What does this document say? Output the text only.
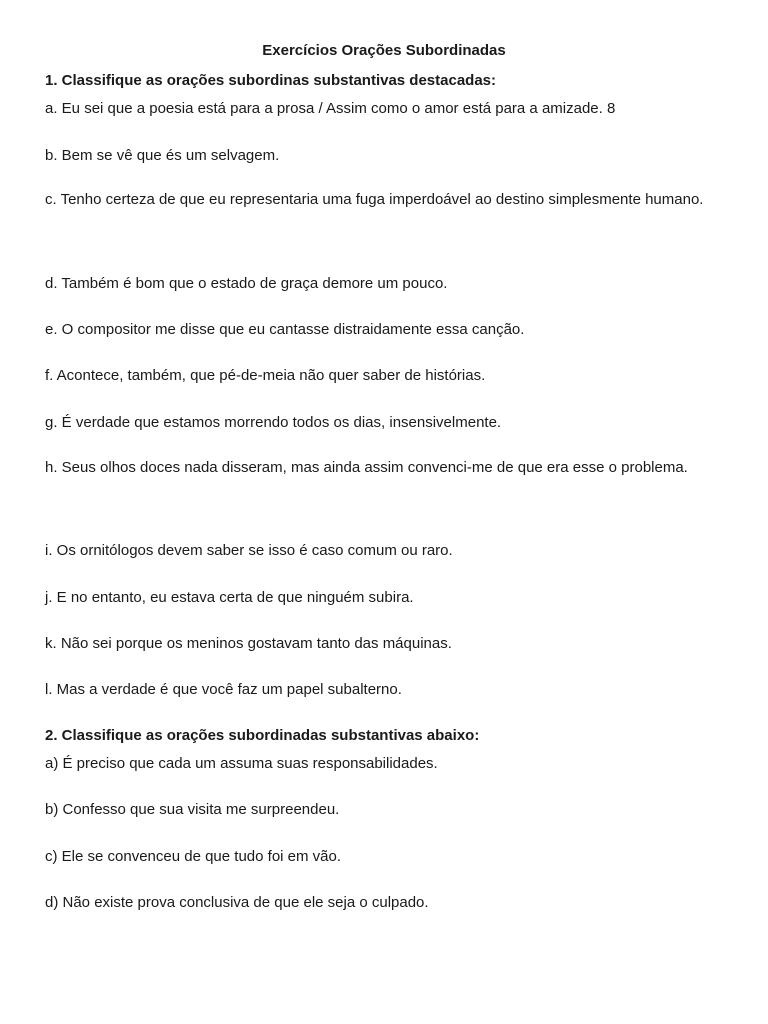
Exercícios Orações Subordinadas
1. Classifique as orações subordinas substantivas destacadas:
a. Eu sei que a poesia está para a prosa / Assim como o amor está para a amizade. 8
b. Bem se vê que és um selvagem.
c. Tenho certeza de que eu representaria uma fuga imperdoável ao destino simplesmente humano.
d. Também é bom que o estado de graça demore um pouco.
e. O compositor me disse que eu cantasse distraidamente essa canção.
f. Acontece, também, que pé-de-meia não quer saber de histórias.
g. É verdade que estamos morrendo todos os dias, insensivelmente.
h. Seus olhos doces nada disseram, mas ainda assim convenci-me de que era esse o problema.
i. Os ornitólogos devem saber se isso é caso comum ou raro.
j. E no entanto, eu estava certa de que ninguém subira.
k. Não sei porque os meninos gostavam tanto das máquinas.
l. Mas a verdade é que você faz um papel subalterno.
2. Classifique as orações subordinadas substantivas abaixo:
a) É preciso que cada um assuma suas responsabilidades.
b) Confesso que sua visita me surpreendeu.
c) Ele se convenceu de que tudo foi em vão.
d) Não existe prova conclusiva de que ele seja o culpado.
